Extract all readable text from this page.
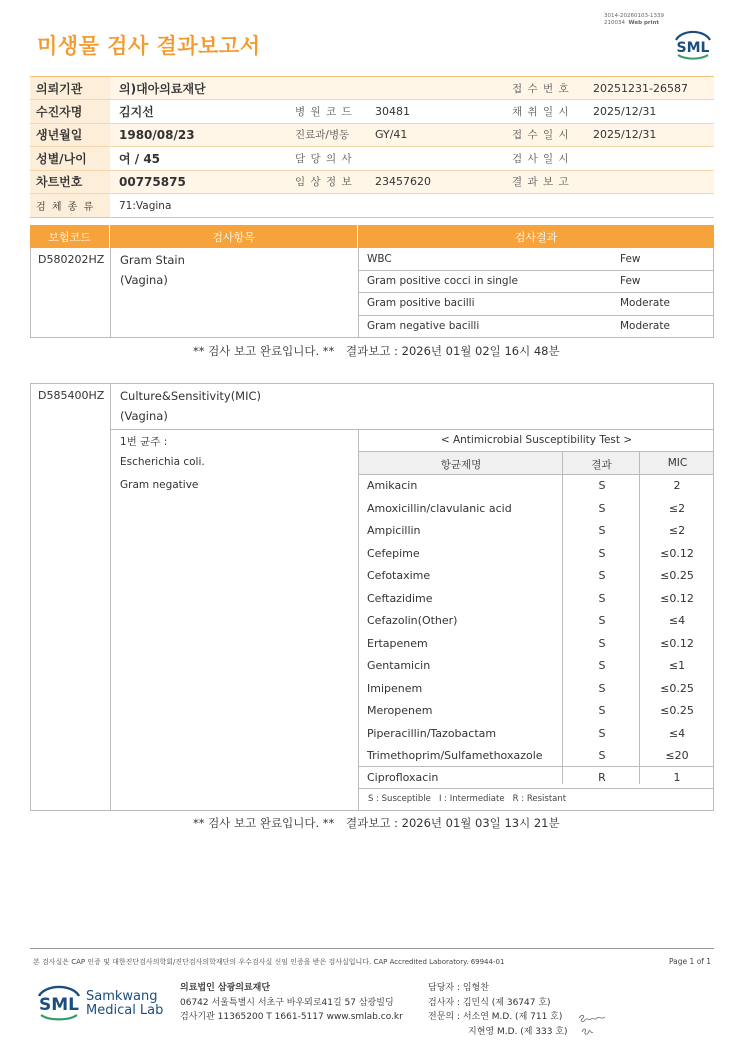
미생물 검사 결과보고서
3014-20260103-1339
210034 Web print
SML
의뢰기관	의)대아의료재단	접 수 번 호 20251231-26587
수진자명	김지선	병 원 코 드 30481	채 취 일 시 2025/12/31
생년월일	1980/08/23	진료과/병동 GY/41	접 수 일 시 2025/12/31
성별/나이	여 / 45	담 당 의 사	검 사 일 시
차트번호	00775875	임 상 정 보 23457620	결 과 보 고
검 체 종 류	71:Vagina
보험코드	검사항목	검사결과
D580202HZ Gram Stain
(Vagina)
WBC	Few
Gram positive cocci in single	Few
Gram positive bacilli	Moderate
Gram negative bacilli	Moderate
** 검사 보고 완료입니다. ** 결과보고 : 2026년 01월 02일 16시 48분
D585400HZ Culture&Sensitivity(MIC)
(Vagina)
1번 균주 :
Escherichia coli.
Gram negative
< Antimicrobial Susceptibility Test >
항균제명	결과	MIC
Amikacin	S	2
Amoxicillin/clavulanic acid	S	≤2
Ampicillin	S	≤2
Cefepime	S	≤0.12
Cefotaxime	S	≤0.25
Ceftazidime	S	≤0.12
Cefazolin(Other)	S	≤4
Ertapenem	S	≤0.12
Gentamicin	S	≤1
Imipenem	S	≤0.25
Meropenem	S	≤0.25
Piperacillin/Tazobactam	S	≤4
Trimethoprim/Sulfamethoxazole	S	≤20
Ciprofloxacin	R	1
S : Susceptible   I : Intermediate   R : Resistant
** 검사 보고 완료입니다. ** 결과보고 : 2026년 01월 03일 13시 21분
본 검사실은 CAP 인증 및 대한진단검사의학회/진단검사의학재단의 우수검사실 신임 인증을 받은 검사실입니다. CAP Accredited Laboratory. 69944-01	Page 1 of 1
SML Samkwang
Medical Lab
의료법인 삼광의료재단
06742 서울특별시 서초구 바우뫼로41길 57 삼광빌딩
검사기관 11365200 T 1661-5117 www.smlab.co.kr
담당자 : 임형찬
검사자 : 김민식 (제 36747 호)
전문의 : 서소연 M.D. (제 711 호)
지현영 M.D. (제 333 호)
